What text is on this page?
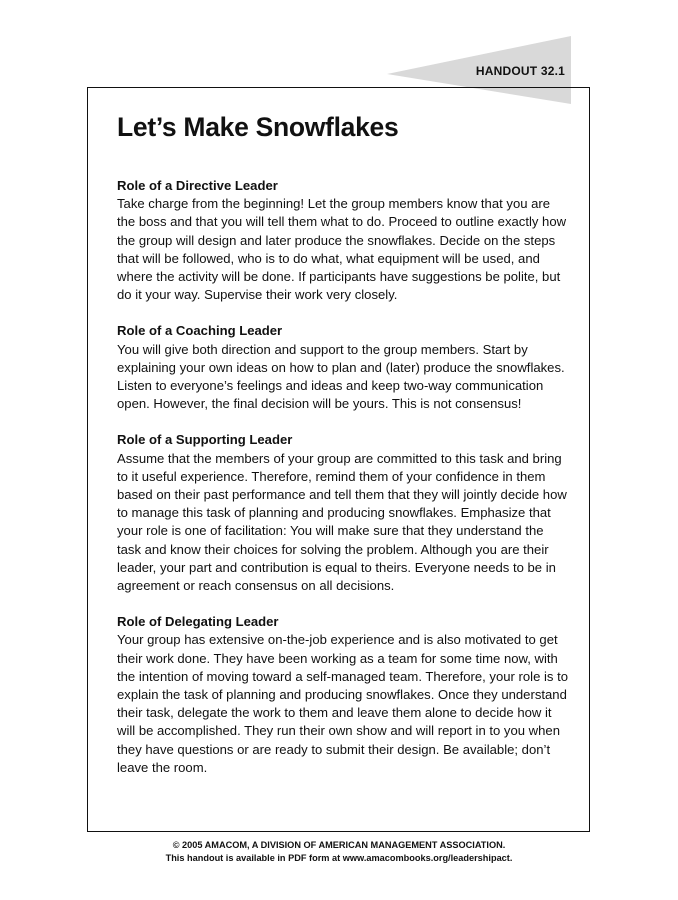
HANDOUT 32.1
Let’s Make Snowflakes

Role of a Directive Leader
Take charge from the beginning! Let the group members know that you are the boss and that you will tell them what to do. Proceed to outline exactly how the group will design and later produce the snowflakes. Decide on the steps that will be followed, who is to do what, what equipment will be used, and where the activity will be done. If participants have suggestions be polite, but do it your way. Supervise their work very closely.

Role of a Coaching Leader
You will give both direction and support to the group members. Start by explaining your own ideas on how to plan and (later) produce the snowflakes. Listen to everyone’s feelings and ideas and keep two-way communication open. However, the final decision will be yours. This is not consensus!

Role of a Supporting Leader
Assume that the members of your group are committed to this task and bring to it useful experience. Therefore, remind them of your confidence in them based on their past performance and tell them that they will jointly decide how to manage this task of planning and producing snowflakes. Emphasize that your role is one of facilitation: You will make sure that they understand the task and know their choices for solving the problem. Although you are their leader, your part and contribution is equal to theirs. Everyone needs to be in agreement or reach consensus on all decisions.

Role of Delegating Leader
Your group has extensive on-the-job experience and is also motivated to get their work done. They have been working as a team for some time now, with the intention of moving toward a self-managed team. Therefore, your role is to explain the task of planning and producing snowflakes. Once they understand their task, delegate the work to them and leave them alone to decide how it will be accomplished. They run their own show and will report in to you when they have questions or are ready to submit their design. Be available; don’t leave the room.

© 2005 AMACOM, A DIVISION OF AMERICAN MANAGEMENT ASSOCIATION.
This handout is available in PDF form at www.amacombooks.org/leadershipact.
